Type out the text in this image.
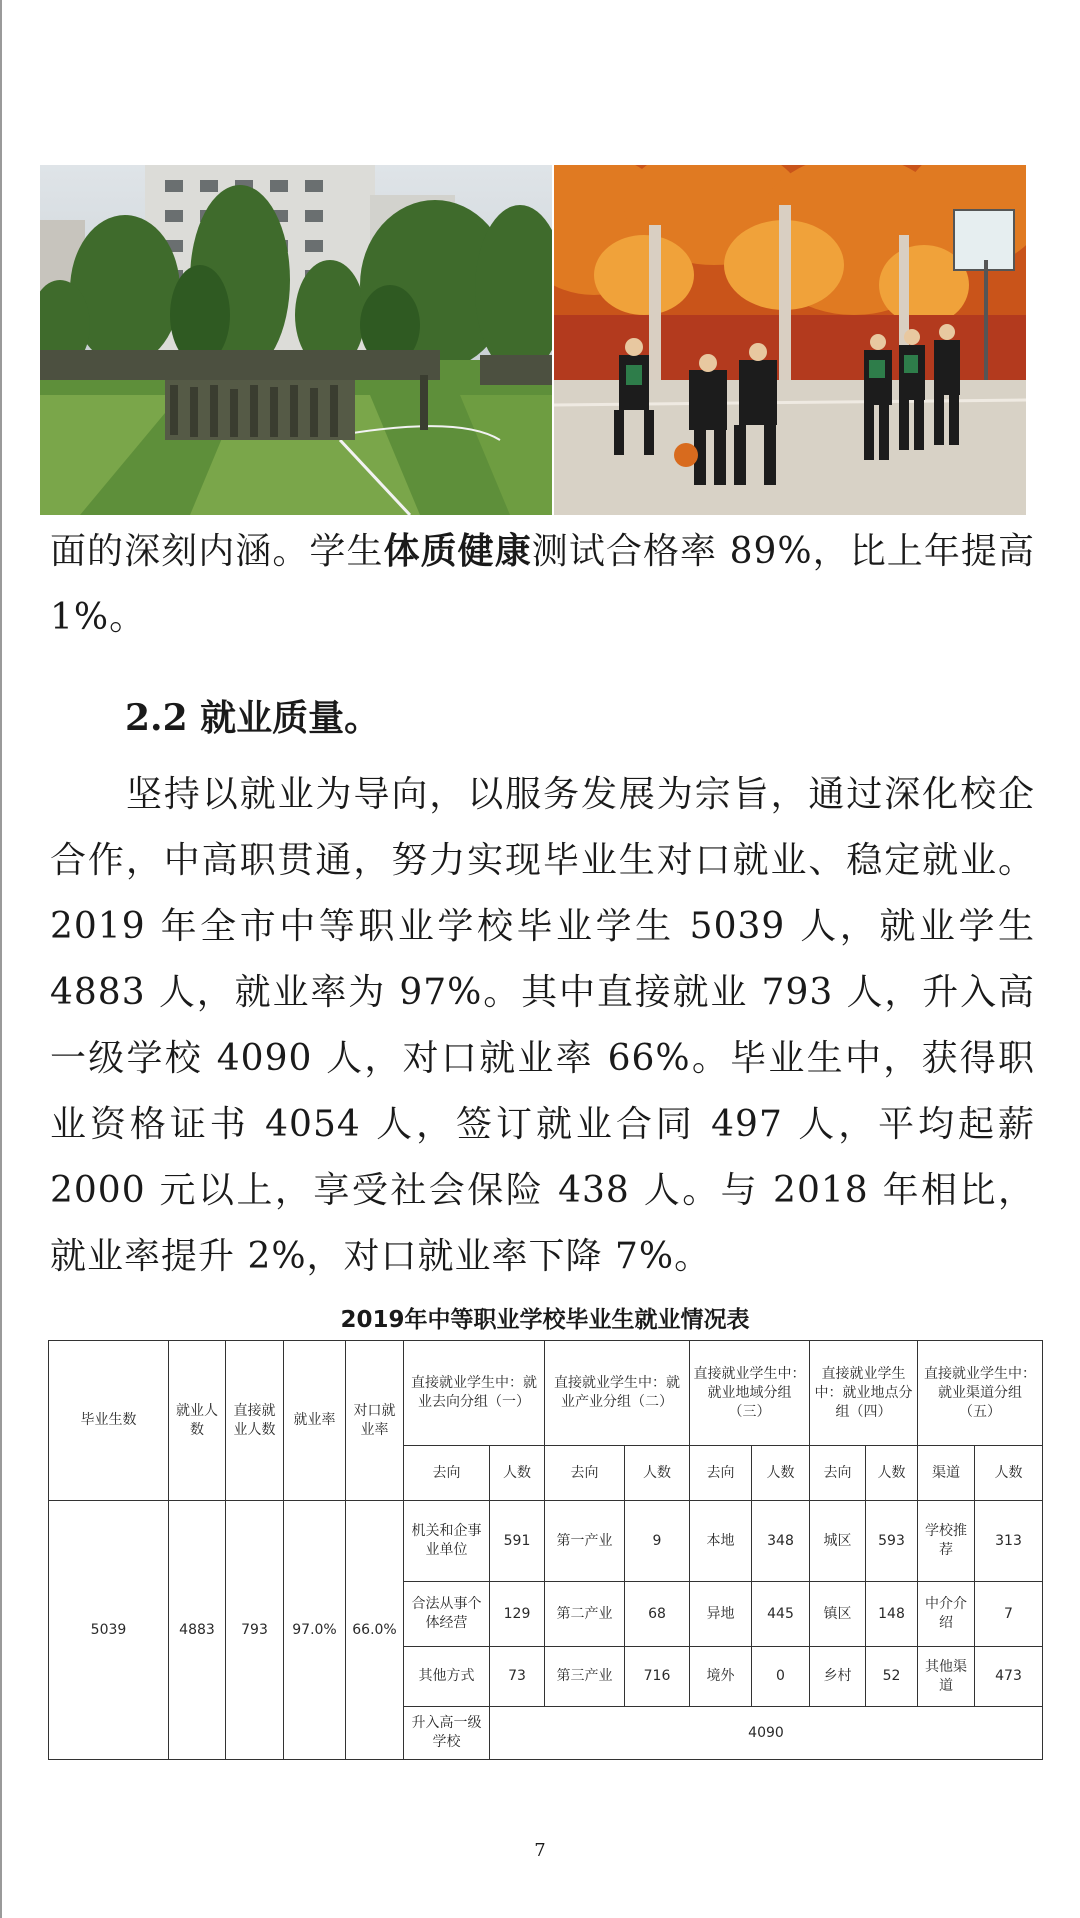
面的深刻内涵。学生体质健康测试合格率 89%，比上年提高 1%。

2.2 就业质量。

坚持以就业为导向，以服务发展为宗旨，通过深化校企合作，中高职贯通，努力实现毕业生对口就业、稳定就业。2019 年全市中等职业学校毕业学生 5039 人，就业学生 4883 人，就业率为 97%。其中直接就业 793 人，升入高一级学校 4090 人，对口就业率 66%。毕业生中，获得职业资格证书 4054 人，签订就业合同 497 人，平均起薪 2000 元以上，享受社会保险 438 人。与 2018 年相比，就业率提升 2%，对口就业率下降 7%。

2019年中等职业学校毕业生就业情况表
毕业生数	就业人数	直接就业人数	就业率	对口就业率	直接就业学生中：就业去向分组（一）		直接就业学生中：就业产业分组（二）		直接就业学生中：就业地域分组（三）		直接就业学生中：就业地点分组（四）		直接就业学生中：就业渠道分组（五）	
					去向	人数	去向	人数	去向	人数	去向	人数	渠道	人数
5039	4883	793	97.0%	66.0%	机关和企事业单位	591	第一产业	9	本地	348	城区	593	学校推荐	313
					合法从事个体经营	129	第二产业	68	异地	445	镇区	148	中介介绍	7
					其他方式	73	第三产业	716	境外	0	乡村	52	其他渠道	473
					升入高一级学校	4090								
7
